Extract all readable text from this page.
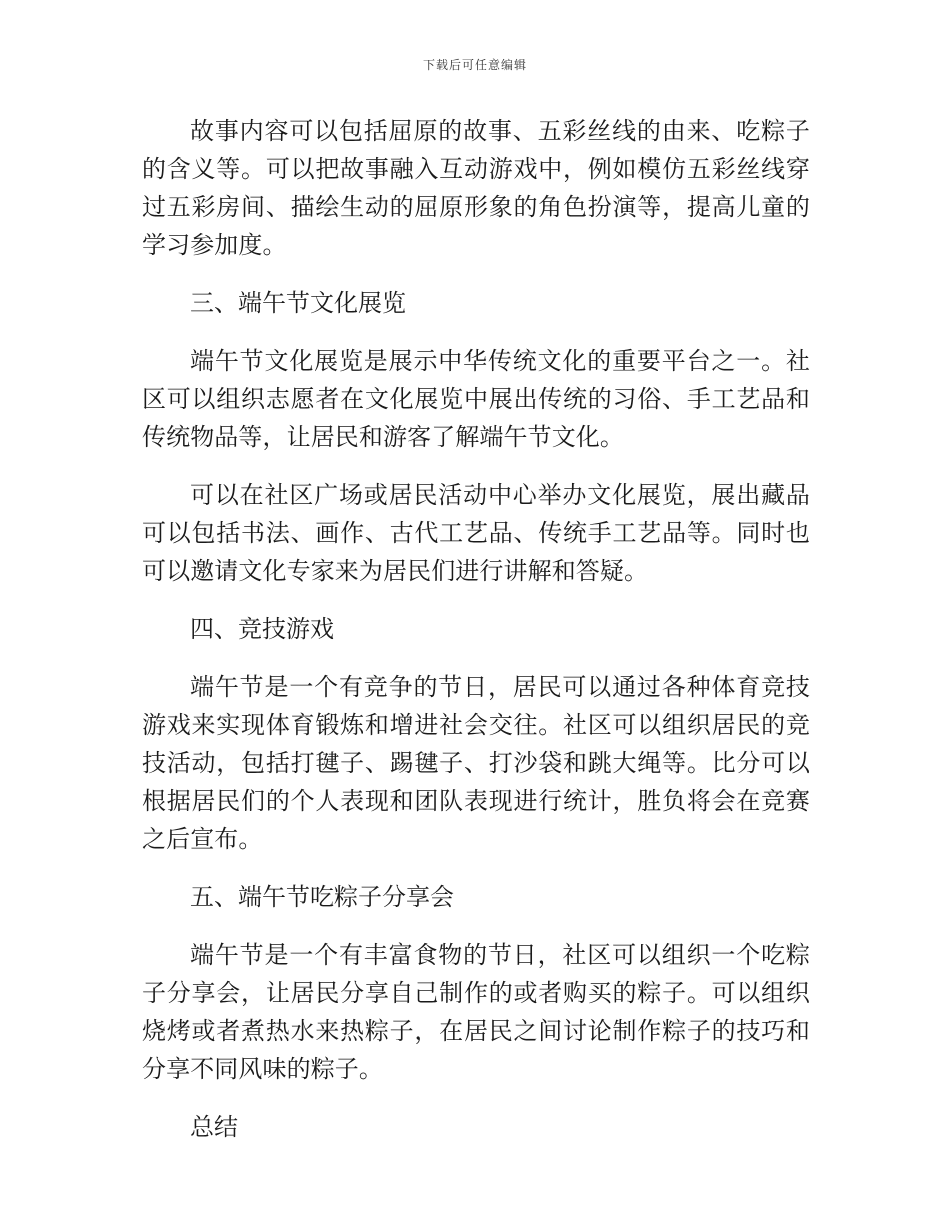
下载后可任意编辑

故事内容可以包括屈原的故事、五彩丝线的由来、吃粽子的含义等。可以把故事融入互动游戏中，例如模仿五彩丝线穿过五彩房间、描绘生动的屈原形象的角色扮演等，提高儿童的学习参加度。

三、端午节文化展览

端午节文化展览是展示中华传统文化的重要平台之一。社区可以组织志愿者在文化展览中展出传统的习俗、手工艺品和传统物品等，让居民和游客了解端午节文化。

可以在社区广场或居民活动中心举办文化展览，展出藏品可以包括书法、画作、古代工艺品、传统手工艺品等。同时也可以邀请文化专家来为居民们进行讲解和答疑。

四、竞技游戏

端午节是一个有竞争的节日，居民可以通过各种体育竞技游戏来实现体育锻炼和增进社会交往。社区可以组织居民的竞技活动，包括打毽子、踢毽子、打沙袋和跳大绳等。比分可以根据居民们的个人表现和团队表现进行统计，胜负将会在竞赛之后宣布。

五、端午节吃粽子分享会

端午节是一个有丰富食物的节日，社区可以组织一个吃粽子分享会，让居民分享自己制作的或者购买的粽子。可以组织烧烤或者煮热水来热粽子，在居民之间讨论制作粽子的技巧和分享不同风味的粽子。

总结
